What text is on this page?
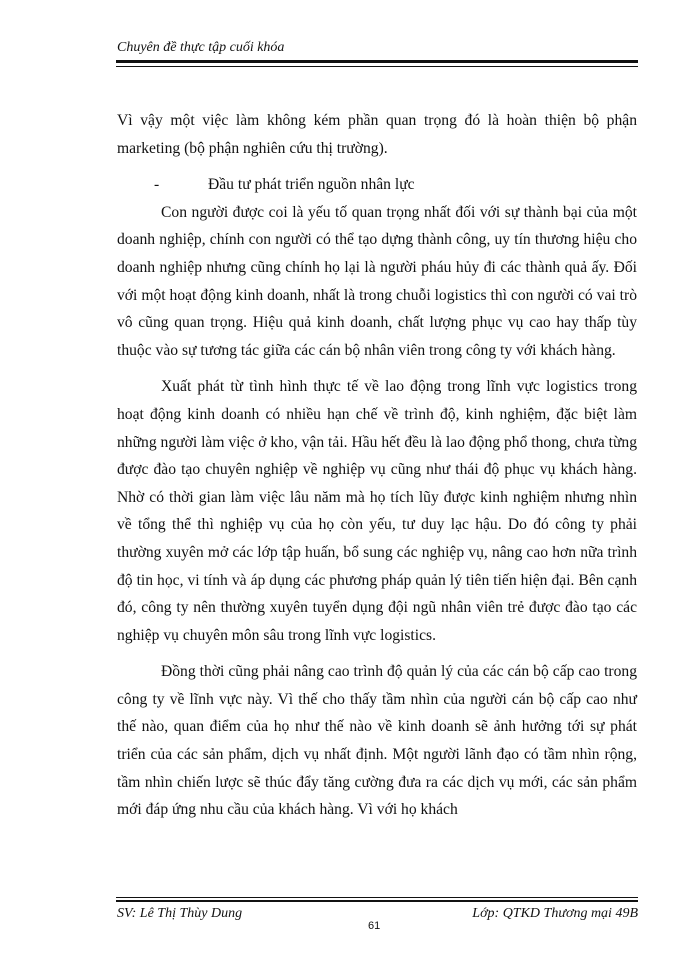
Chuyên đề thực tập cuối khóa

Vì vậy một việc làm không kém phần quan trọng đó là hoàn thiện bộ phận marketing (bộ phận nghiên cứu thị trường).

-	Đầu tư phát triển nguồn nhân lực

Con người được coi là yếu tố quan trọng nhất đối với sự thành bại của một doanh nghiệp, chính con người có thể tạo dựng thành công, uy tín thương hiệu cho doanh nghiệp nhưng cũng chính họ lại là người pháu hủy đi các thành quả ấy. Đối với một hoạt động kinh doanh, nhất là trong chuỗi logistics thì con người có vai trò vô cũng quan trọng. Hiệu quả kinh doanh, chất lượng phục vụ cao hay thấp tùy thuộc vào sự tương tác giữa các cán bộ nhân viên trong công ty với khách hàng.

Xuất phát từ tình hình thực tế về lao động trong lĩnh vực logistics trong hoạt động kinh doanh có nhiều hạn chế về trình độ, kinh nghiệm, đặc biệt làm những người làm việc ở kho, vận tải. Hầu hết đều là lao động phổ thong, chưa từng được đào tạo chuyên nghiệp về nghiệp vụ cũng như thái độ phục vụ khách hàng. Nhờ có thời gian làm việc lâu năm mà họ tích lũy được kinh nghiệm nhưng nhìn về tổng thể thì nghiệp vụ của họ còn yếu, tư duy lạc hậu. Do đó công ty phải thường xuyên mở các lớp tập huấn, bổ sung các nghiệp vụ, nâng cao hơn nữa trình độ tin học, vi tính và áp dụng các phương pháp quản lý tiên tiến hiện đại. Bên cạnh đó, công ty nên thường xuyên tuyển dụng đội ngũ nhân viên trẻ được đào tạo các nghiệp vụ chuyên môn sâu trong lĩnh vực logistics.

Đồng thời cũng phải nâng cao trình độ quản lý của các cán bộ cấp cao trong công ty về lĩnh vực này. Vì thế cho thấy tầm nhìn của người cán bộ cấp cao như thế nào, quan điểm của họ như thế nào về kinh doanh sẽ ảnh hưởng tới sự phát triển của các sản phẩm, dịch vụ nhất định. Một người lãnh đạo có tầm nhìn rộng, tầm nhìn chiến lược sẽ thúc đẩy tăng cường đưa ra các dịch vụ mới, các sản phẩm mới đáp ứng nhu cầu của khách hàng. Vì với họ khách

SV: Lê Thị Thùy Dung
61
Lớp: QTKD Thương mại 49B
